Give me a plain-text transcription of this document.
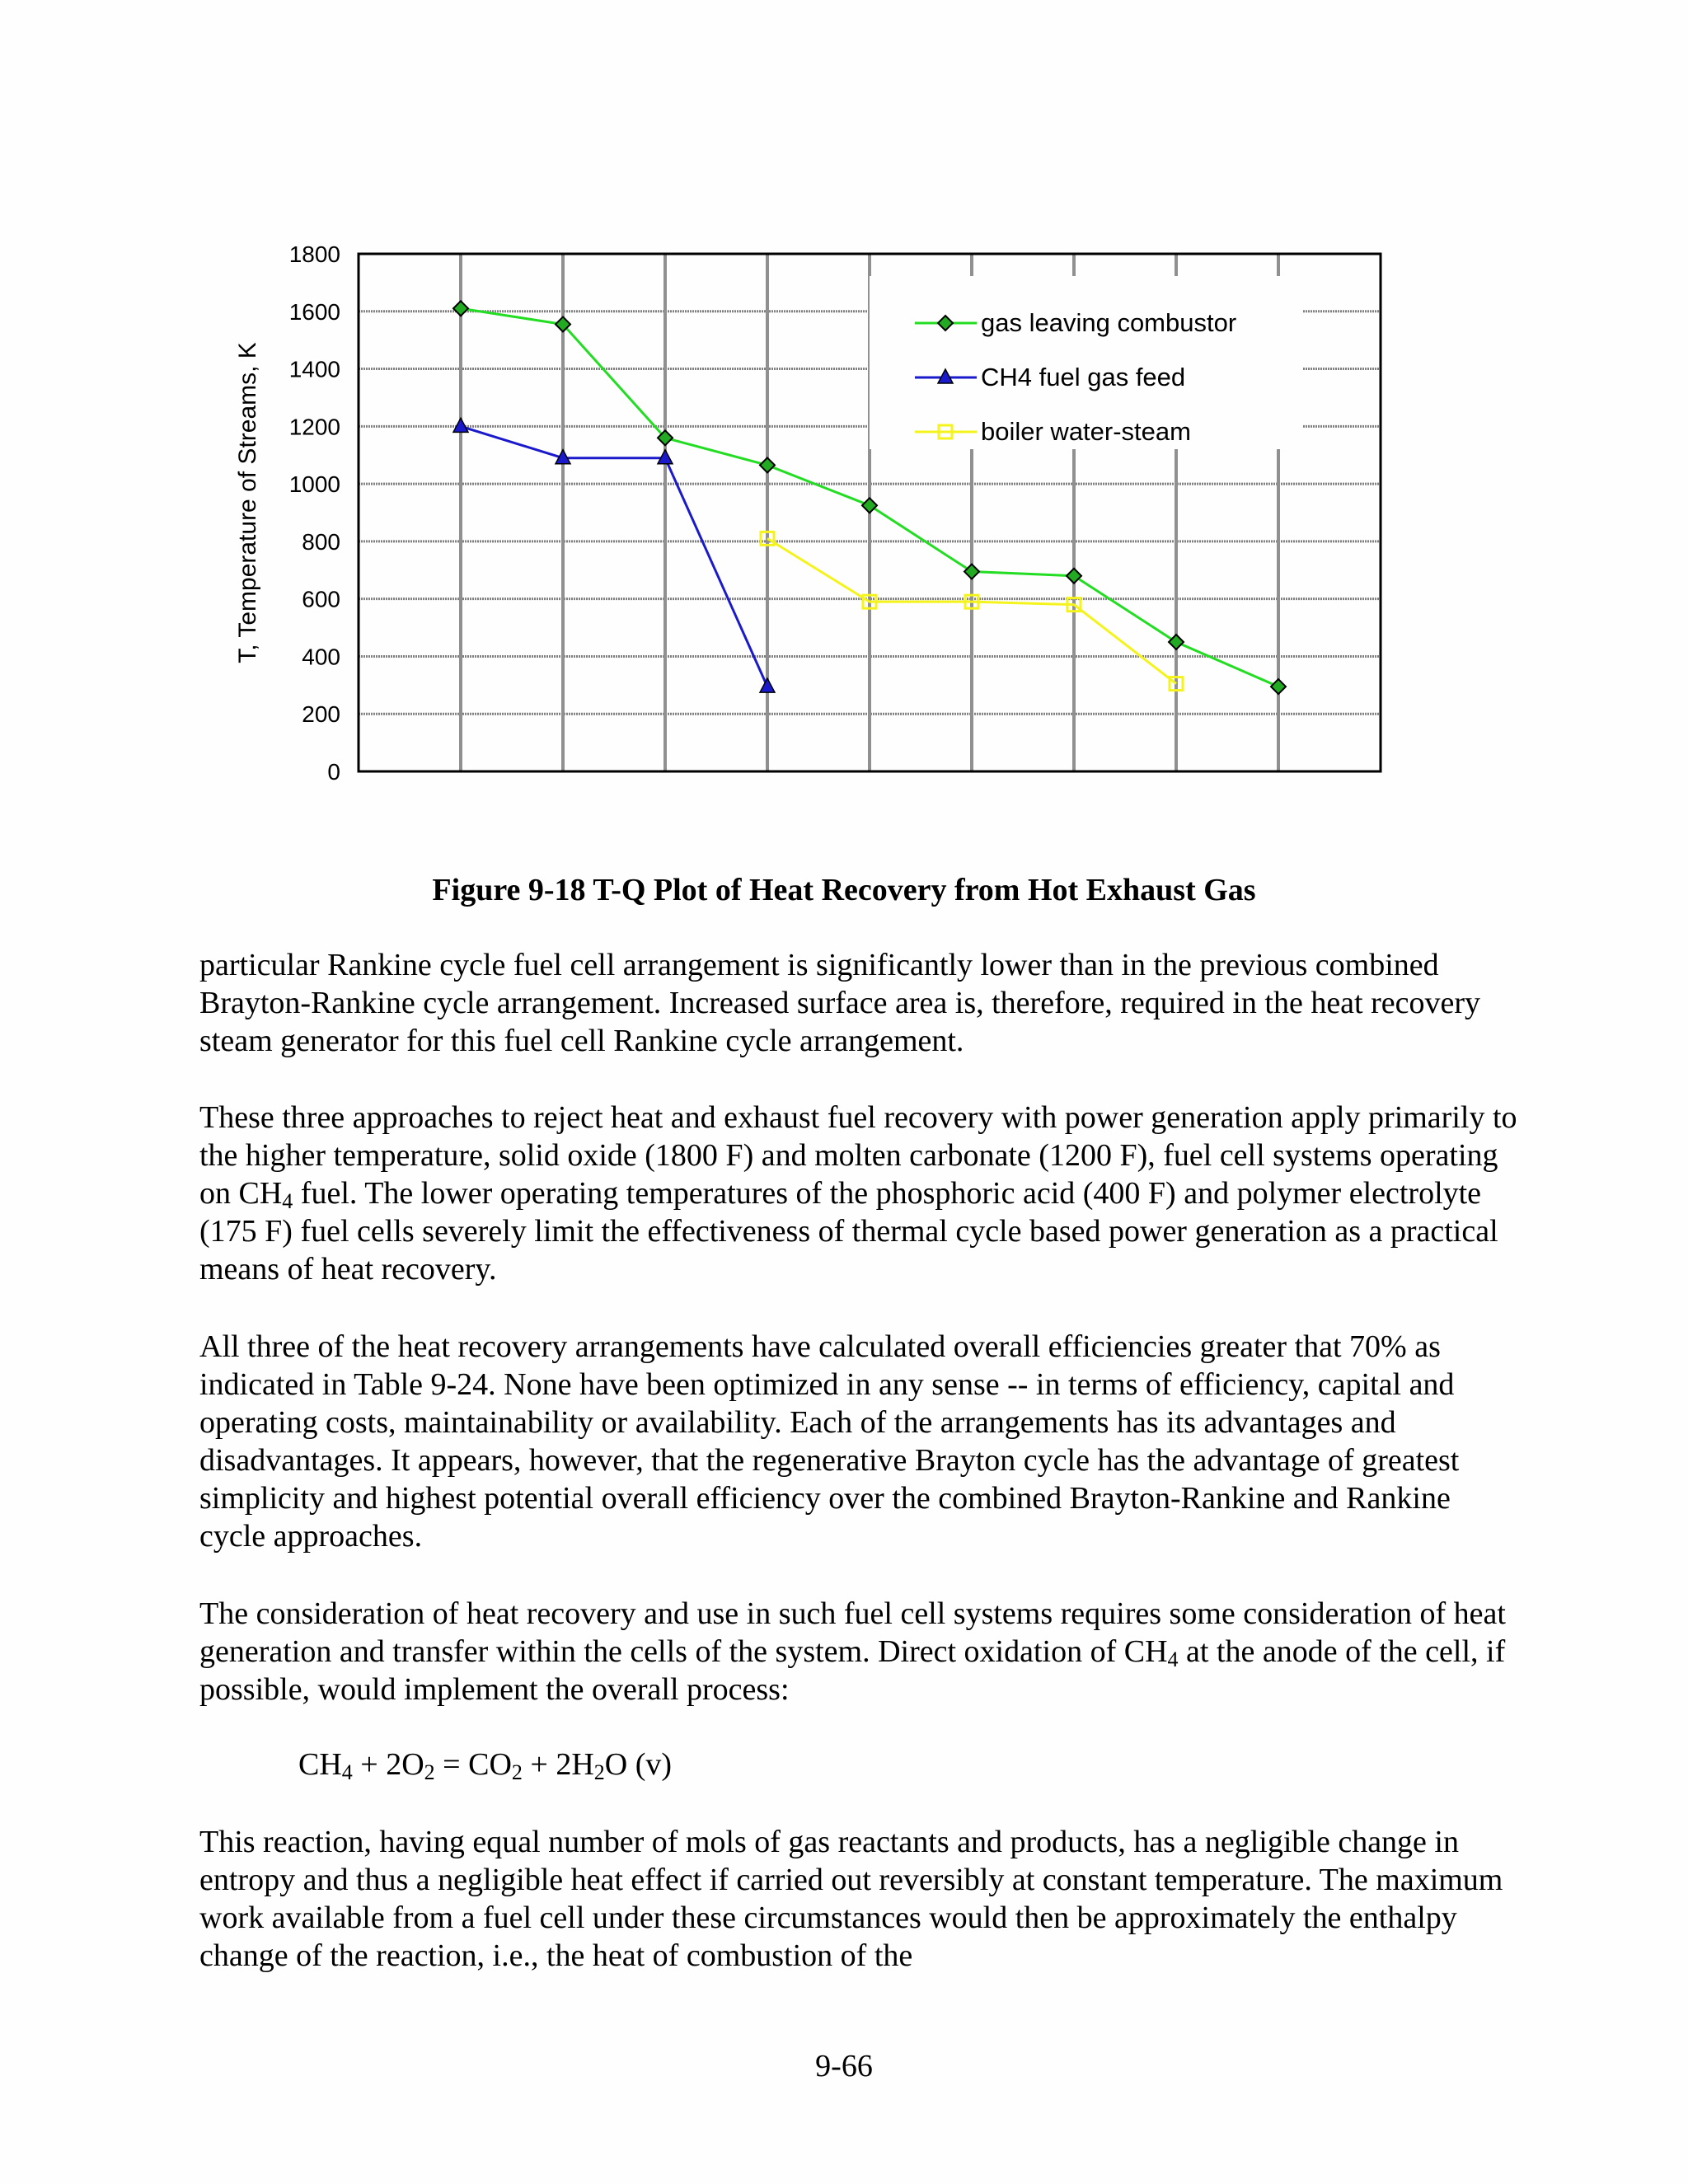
0
200
400
600
800
1000
1200
1400
1600
1800
T, Temperature of Streams, K
gas leaving combustor
CH4 fuel gas feed
boiler water-steam
Figure 9-18 T-Q Plot of Heat Recovery from Hot Exhaust Gas

particular Rankine cycle fuel cell arrangement is significantly lower than in the previous combined Brayton-Rankine cycle arrangement. Increased surface area is, therefore, required in the heat recovery steam generator for this fuel cell Rankine cycle arrangement.

These three approaches to reject heat and exhaust fuel recovery with power generation apply primarily to the higher temperature, solid oxide (1800 F) and molten carbonate (1200 F), fuel cell systems operating on $CH_4$ fuel. The lower operating temperatures of the phosphoric acid (400 F) and polymer electrolyte (175 F) fuel cells severely limit the effectiveness of thermal cycle based power generation as a practical means of heat recovery.

All three of the heat recovery arrangements have calculated overall efficiencies greater that 70% as indicated in Table 9-24. None have been optimized in any sense -- in terms of efficiency, capital and operating costs, maintainability or availability. Each of the arrangements has its advantages and disadvantages. It appears, however, that the regenerative Brayton cycle has the advantage of greatest simplicity and highest potential overall efficiency over the combined Brayton-Rankine and Rankine cycle approaches.

The consideration of heat recovery and use in such fuel cell systems requires some consideration of heat generation and transfer within the cells of the system. Direct oxidation of $CH_4$ at the anode of the cell, if possible, would implement the overall process:

$CH_4 + 2O_2 = CO_2 + 2H_2O$ (v)

This reaction, having equal number of mols of gas reactants and products, has a negligible change in entropy and thus a negligible heat effect if carried out reversibly at constant temperature. The maximum work available from a fuel cell under these circumstances would then be approximately the enthalpy change of the reaction, i.e., the heat of combustion of the

9-66
